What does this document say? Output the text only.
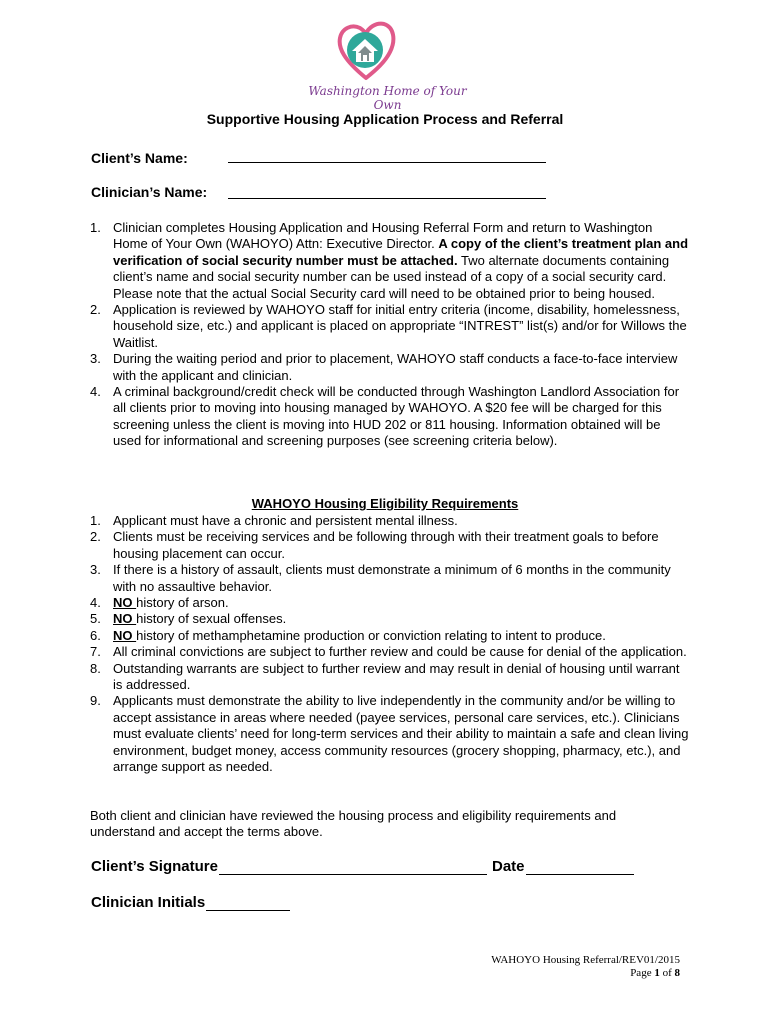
Washington Home of Your Own
Supportive Housing Application Process and Referral
Client’s Name:
Clinician’s Name:
1. Clinician completes Housing Application and Housing Referral Form and return to Washington Home of Your Own (WAHOYO) Attn: Executive Director. A copy of the client’s treatment plan and verification of social security number must be attached. Two alternate documents containing client’s name and social security number can be used instead of a copy of a social security card. Please note that the actual Social Security card will need to be obtained prior to being housed.
2. Application is reviewed by WAHOYO staff for initial entry criteria (income, disability, homelessness, household size, etc.) and applicant is placed on appropriate “INTREST” list(s) and/or for Willows the Waitlist.
3. During the waiting period and prior to placement, WAHOYO staff conducts a face-to-face interview with the applicant and clinician.
4. A criminal background/credit check will be conducted through Washington Landlord Association for all clients prior to moving into housing managed by WAHOYO. A $20 fee will be charged for this screening unless the client is moving into HUD 202 or 811 housing. Information obtained will be used for informational and screening purposes (see screening criteria below).
WAHOYO Housing Eligibility Requirements
1. Applicant must have a chronic and persistent mental illness.
2. Clients must be receiving services and be following through with their treatment goals to before housing placement can occur.
3. If there is a history of assault, clients must demonstrate a minimum of 6 months in the community with no assaultive behavior.
4. NO history of arson.
5. NO history of sexual offenses.
6. NO history of methamphetamine production or conviction relating to intent to produce.
7. All criminal convictions are subject to further review and could be cause for denial of the application.
8. Outstanding warrants are subject to further review and may result in denial of housing until warrant is addressed.
9. Applicants must demonstrate the ability to live independently in the community and/or be willing to accept assistance in areas where needed (payee services, personal care services, etc.). Clinicians must evaluate clients’ need for long-term services and their ability to maintain a safe and clean living environment, budget money, access community resources (grocery shopping, pharmacy, etc.), and arrange support as needed.
Both client and clinician have reviewed the housing process and eligibility requirements and understand and accept the terms above.
Client’s Signature	Date
Clinician Initials
WAHOYO Housing Referral/REV01/2015
Page 1 of 8
